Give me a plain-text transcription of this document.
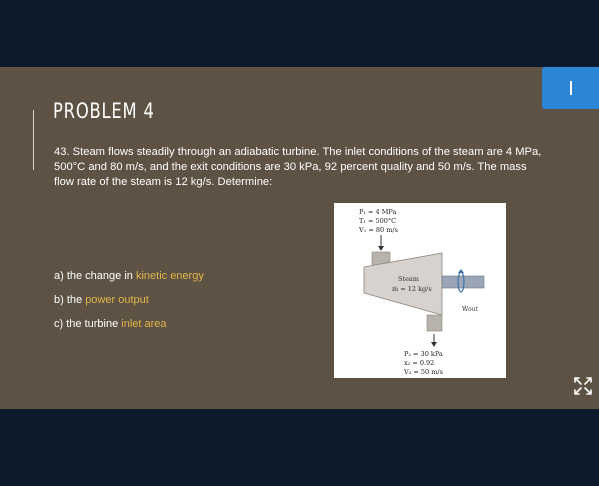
PROBLEM 4
43. Steam flows steadily through an adiabatic turbine. The inlet conditions of the steam are 4 MPa, 500°C and 80 m/s, and the exit conditions are 30 kPa, 92 percent quality and 50 m/s. The mass flow rate of the steam is 12 kg/s. Determine:
a) the change in kinetic energy
b) the power output
c) the turbine inlet area
P₁ = 4 MPa
T₁ = 500°C
V₁ = 80 m/s
Steam
ṁ = 12 kg/s
Ẇout
P₂ = 30 kPa
x₂ = 0.92
V₂ = 50 m/s
